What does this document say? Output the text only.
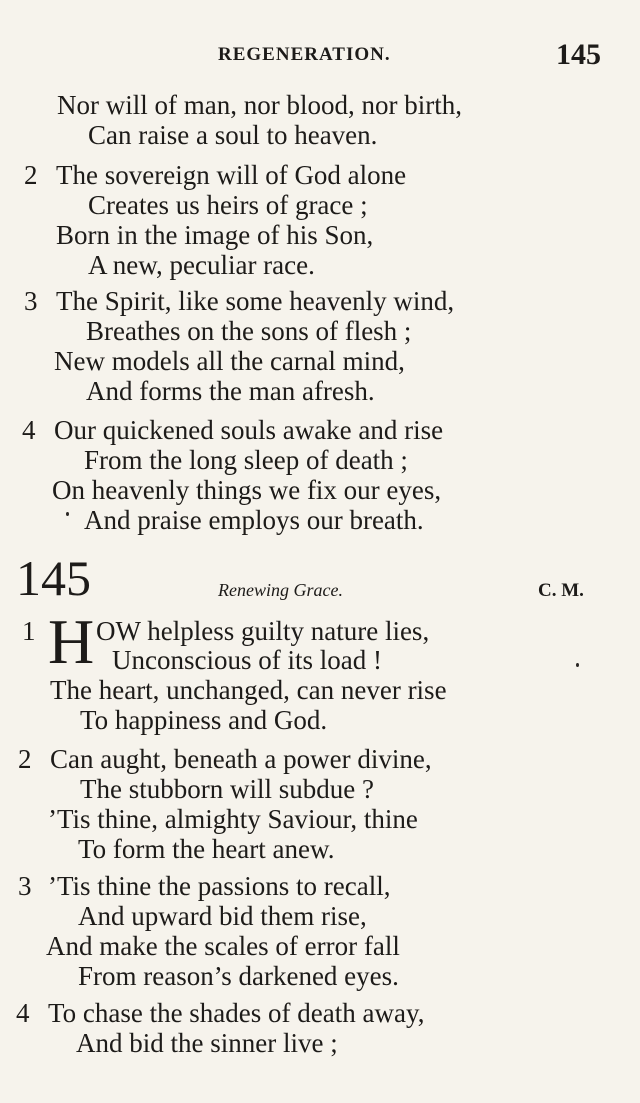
REGENERATION.	145
Nor will of man, nor blood, nor birth,
Can raise a soul to heaven.
2 The sovereign will of God alone
Creates us heirs of grace ;
Born in the image of his Son,
A new, peculiar race.
3 The Spirit, like some heavenly wind,
Breathes on the sons of flesh ;
New models all the carnal mind,
And forms the man afresh.
4 Our quickened souls awake and rise
From the long sleep of death ;
On heavenly things we fix our eyes,
And praise employs our breath.
145	Renewing Grace.	C. M.
1 H OW helpless guilty nature lies,
Unconscious of its load !
The heart, unchanged, can never rise
To happiness and God.
2 Can aught, beneath a power divine,
The stubborn will subdue ?
’Tis thine, almighty Saviour, thine
To form the heart anew.
3 ’Tis thine the passions to recall,
And upward bid them rise,
And make the scales of error fall
From reason’s darkened eyes.
4 To chase the shades of death away,
And bid the sinner live ;
